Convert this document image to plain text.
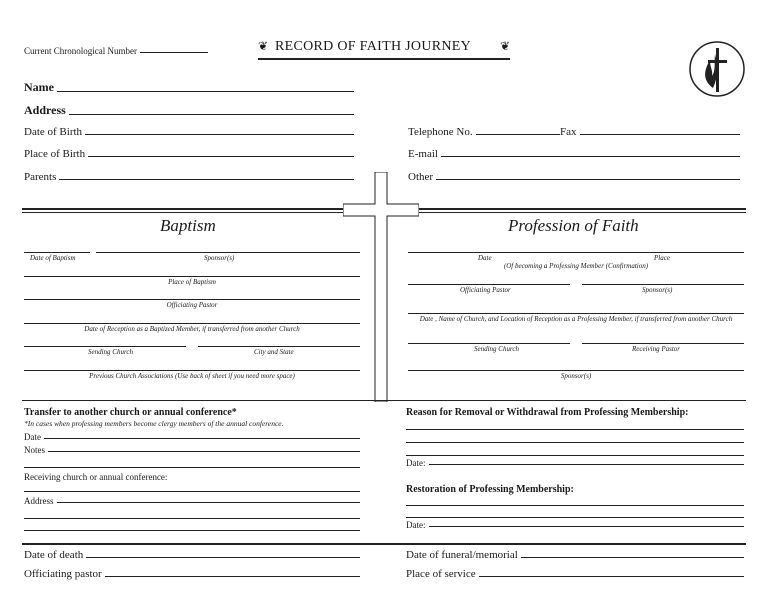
Current Chronological Number	❦ RECORD OF FAITH JOURNEY ❦
Name
Address
Date of Birth
Place of Birth
Parents
Telephone No.	Fax
E-mail
Other
Baptism
Date of Baptism	Sponsor(s)
Place of Baptism
Officiating Pastor
Date of Reception as a Baptized Member, if transferred from another Church
Sending Church	City and State
Previous Church Associations (Use back of sheet if you need more space)
Profession of Faith
Date	Place
(Of becoming a Professing Member (Confirmation)
Officiating Pastor	Sponsor(s)
Date , Name of Church, and Location of Reception as a Professing Member, if transferred from another Church
Sending Church	Receiving Pastor
Sponsor(s)
Transfer to another church or annual conference*
*In cases when professing members become clergy members of the annual conference.
Date
Notes
Receiving church or annual conference:
Address
Reason for Removal or Withdrawal from Professing Membership:
Date:
Restoration of Professing Membership:
Date:
Date of death
Officiating pastor
Date of funeral/memorial
Place of service
